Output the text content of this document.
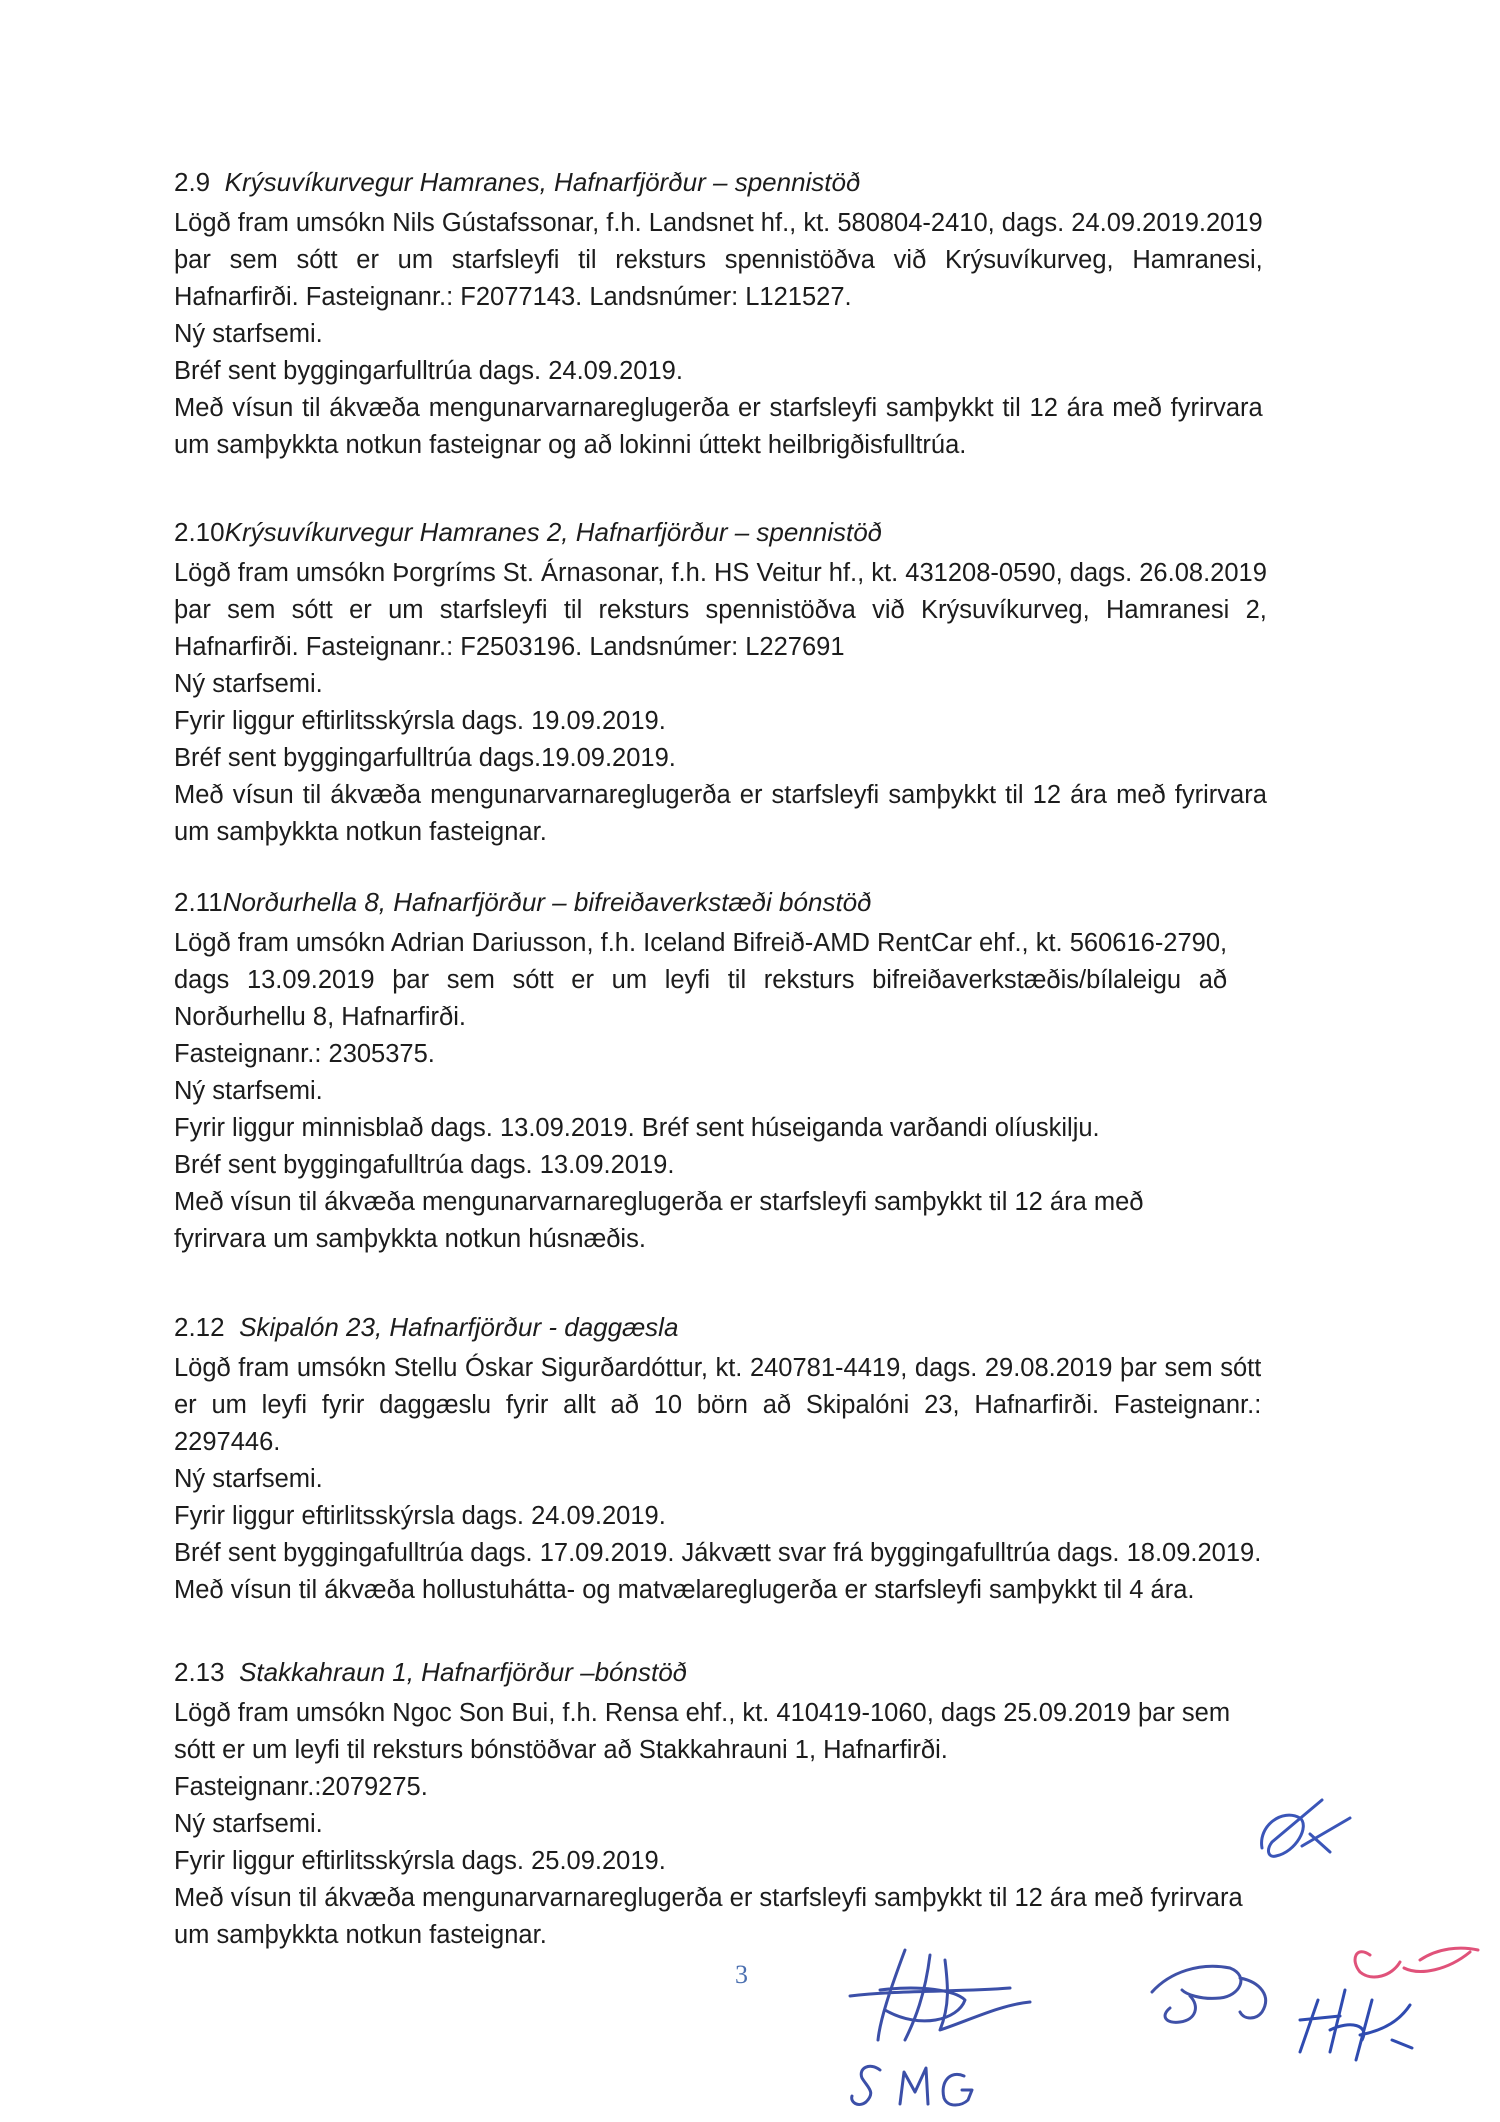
2.9 Krýsuvíkurvegur Hamranes, Hafnarfjörður – spennistöð
Lögð fram umsókn Nils Gústafssonar, f.h. Landsnet hf., kt. 580804-2410, dags. 24.09.2019.2019
þar sem sótt er um starfsleyfi til reksturs spennistöðva við Krýsuvíkurveg, Hamranesi,
Hafnarfirði. Fasteignanr.: F2077143. Landsnúmer: L121527.
Ný starfsemi.
Bréf sent byggingarfulltrúa dags. 24.09.2019.
Með vísun til ákvæða mengunarvarnareglugerða er starfsleyfi samþykkt til 12 ára með fyrirvara
um samþykkta notkun fasteignar og að lokinni úttekt heilbrigðisfulltrúa.
2.10Krýsuvíkurvegur Hamranes 2, Hafnarfjörður – spennistöð
Lögð fram umsókn Þorgríms St. Árnasonar, f.h. HS Veitur hf., kt. 431208-0590, dags. 26.08.2019
þar sem sótt er um starfsleyfi til reksturs spennistöðva við Krýsuvíkurveg, Hamranesi 2,
Hafnarfirði. Fasteignanr.: F2503196. Landsnúmer: L227691
Ný starfsemi.
Fyrir liggur eftirlitsskýrsla dags. 19.09.2019.
Bréf sent byggingarfulltrúa dags.19.09.2019.
Með vísun til ákvæða mengunarvarnareglugerða er starfsleyfi samþykkt til 12 ára með fyrirvara
um samþykkta notkun fasteignar.
2.11Norðurhella 8, Hafnarfjörður – bifreiðaverkstæði bónstöð
Lögð fram umsókn Adrian Dariusson, f.h. Iceland Bifreið-AMD RentCar ehf., kt. 560616-2790,
dags 13.09.2019 þar sem sótt er um leyfi til reksturs bifreiðaverkstæðis/bílaleigu að
Norðurhellu 8, Hafnarfirði.
Fasteignanr.: 2305375.
Ný starfsemi.
Fyrir liggur minnisblað dags. 13.09.2019. Bréf sent húseiganda varðandi olíuskilju.
Bréf sent byggingafulltrúa dags. 13.09.2019.
Með vísun til ákvæða mengunarvarnareglugerða er starfsleyfi samþykkt til 12 ára með
fyrirvara um samþykkta notkun húsnæðis.
2.12 Skipalón 23, Hafnarfjörður - daggæsla
Lögð fram umsókn Stellu Óskar Sigurðardóttur, kt. 240781-4419, dags. 29.08.2019 þar sem sótt
er um leyfi fyrir daggæslu fyrir allt að 10 börn að Skipalóni 23, Hafnarfirði. Fasteignanr.:
2297446.
Ný starfsemi.
Fyrir liggur eftirlitsskýrsla dags. 24.09.2019.
Bréf sent byggingafulltrúa dags. 17.09.2019. Jákvætt svar frá byggingafulltrúa dags. 18.09.2019.
Með vísun til ákvæða hollustuhátta- og matvælareglugerða er starfsleyfi samþykkt til 4 ára.
2.13 Stakkahraun 1, Hafnarfjörður –bónstöð
Lögð fram umsókn Ngoc Son Bui, f.h. Rensa ehf., kt. 410419-1060, dags 25.09.2019 þar sem
sótt er um leyfi til reksturs bónstöðvar að Stakkahrauni 1, Hafnarfirði.
Fasteignanr.:2079275.
Ný starfsemi.
Fyrir liggur eftirlitsskýrsla dags. 25.09.2019.
Með vísun til ákvæða mengunarvarnareglugerða er starfsleyfi samþykkt til 12 ára með fyrirvara
um samþykkta notkun fasteignar.
3
